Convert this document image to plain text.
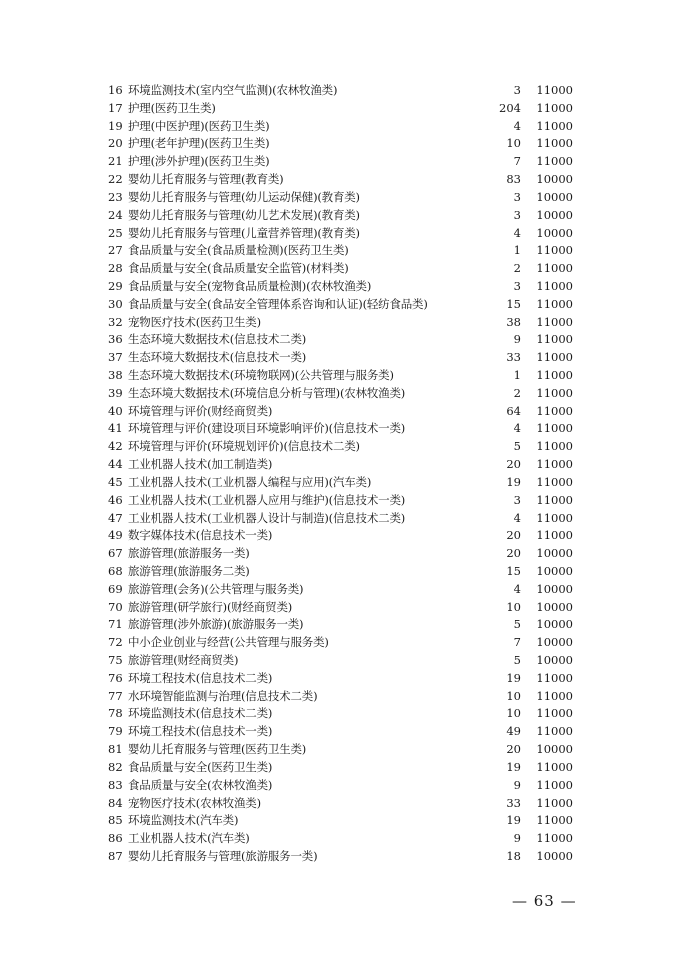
16 环境监测技术(室内空气监测)(农林牧渔类)	3	11000
17 护理(医药卫生类)	204	11000
19 护理(中医护理)(医药卫生类)	4	11000
20 护理(老年护理)(医药卫生类)	10	11000
21 护理(涉外护理)(医药卫生类)	7	11000
22 婴幼儿托育服务与管理(教育类)	83	10000
23 婴幼儿托育服务与管理(幼儿运动保健)(教育类)	3	10000
24 婴幼儿托育服务与管理(幼儿艺术发展)(教育类)	3	10000
25 婴幼儿托育服务与管理(儿童营养管理)(教育类)	4	10000
27 食品质量与安全(食品质量检测)(医药卫生类)	1	11000
28 食品质量与安全(食品质量安全监管)(材料类)	2	11000
29 食品质量与安全(宠物食品质量检测)(农林牧渔类)	3	11000
30 食品质量与安全(食品安全管理体系咨询和认证)(轻纺食品类)	15	11000
32 宠物医疗技术(医药卫生类)	38	11000
36 生态环境大数据技术(信息技术二类)	9	11000
37 生态环境大数据技术(信息技术一类)	33	11000
38 生态环境大数据技术(环境物联网)(公共管理与服务类)	1	11000
39 生态环境大数据技术(环境信息分析与管理)(农林牧渔类)	2	11000
40 环境管理与评价(财经商贸类)	64	11000
41 环境管理与评价(建设项目环境影响评价)(信息技术一类)	4	11000
42 环境管理与评价(环境规划评价)(信息技术二类)	5	11000
44 工业机器人技术(加工制造类)	20	11000
45 工业机器人技术(工业机器人编程与应用)(汽车类)	19	11000
46 工业机器人技术(工业机器人应用与维护)(信息技术一类)	3	11000
47 工业机器人技术(工业机器人设计与制造)(信息技术二类)	4	11000
49 数字媒体技术(信息技术一类)	20	11000
67 旅游管理(旅游服务一类)	20	10000
68 旅游管理(旅游服务二类)	15	10000
69 旅游管理(会务)(公共管理与服务类)	4	10000
70 旅游管理(研学旅行)(财经商贸类)	10	10000
71 旅游管理(涉外旅游)(旅游服务一类)	5	10000
72 中小企业创业与经营(公共管理与服务类)	7	10000
75 旅游管理(财经商贸类)	5	10000
76 环境工程技术(信息技术二类)	19	11000
77 水环境智能监测与治理(信息技术二类)	10	11000
78 环境监测技术(信息技术二类)	10	11000
79 环境工程技术(信息技术一类)	49	11000
81 婴幼儿托育服务与管理(医药卫生类)	20	10000
82 食品质量与安全(医药卫生类)	19	11000
83 食品质量与安全(农林牧渔类)	9	11000
84 宠物医疗技术(农林牧渔类)	33	11000
85 环境监测技术(汽车类)	19	11000
86 工业机器人技术(汽车类)	9	11000
87 婴幼儿托育服务与管理(旅游服务一类)	18	10000
— 63 —
